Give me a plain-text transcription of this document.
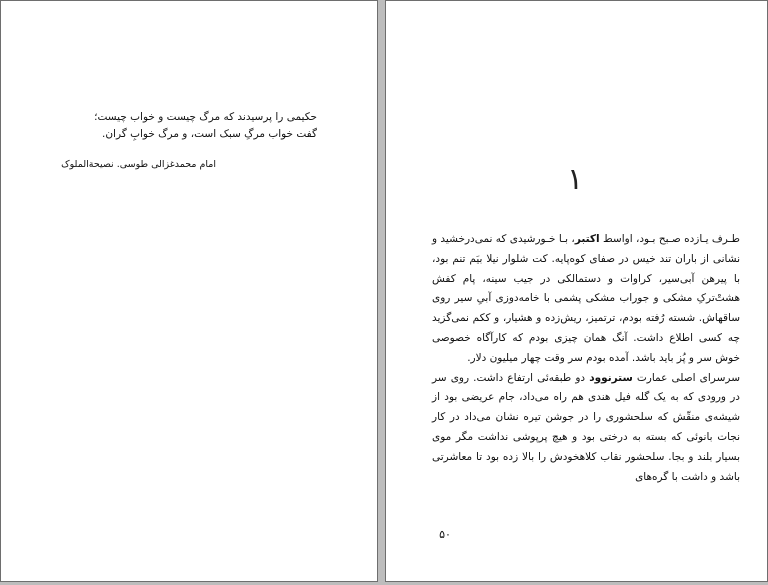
حکیمی را پرسیدند که مرگ چیست و خواب چیست؛
گفت خواب مرگِ سبک است، و مرگ خوابِ گران.
امام محمدغزالی طوسی. نصیحة‌الملوک	۱

طـرف یـازده صـبح بـود، اواسط اکتبر، بـا خـورشیدی که نمی‌درخشید و نشانی از باران تند خیس در صفای کوه‌پایه. کت شلوار نیلا بیَم تنم بود، با پیرهن آبی‌سیر، کراوات و دستمالکی در جیب سینه، پام کفش هشتْ‌ترکِ مشکی و جوراب مشکی پشمی با خامه‌دوزی آبیِ سیر روی ساقهاش. شسته رُفته بودم، ترتمیز، ریش‌زده و هشیار، و ککم نمی‌گزید چه کسی اطلاع داشت. آنگ همان چیزی بودم که کارآگاه خصوصی خوش سر و پُز باید باشد. آمده بودم سر وقت چهار میلیون دلار.

سرسرای اصلی عمارت سترنوود دو طبقه‌ئی ارتفاع داشت. روی سر در ورودی که به یک گله فیل هندی هم راه می‌داد، جام عریضی بود از شیشه‌ی منقّش که سلحشوری را در جوشن تیره نشان می‌داد در کار نجات بانوئی که بسته به درختی بود و هیچ پرپوشی نداشت مگر موی بسیار بلند و بجا. سلحشور نقاب کلاهخودش را بالا زده بود تا معاشرتی باشد و داشت با گره‌های

۵۰
